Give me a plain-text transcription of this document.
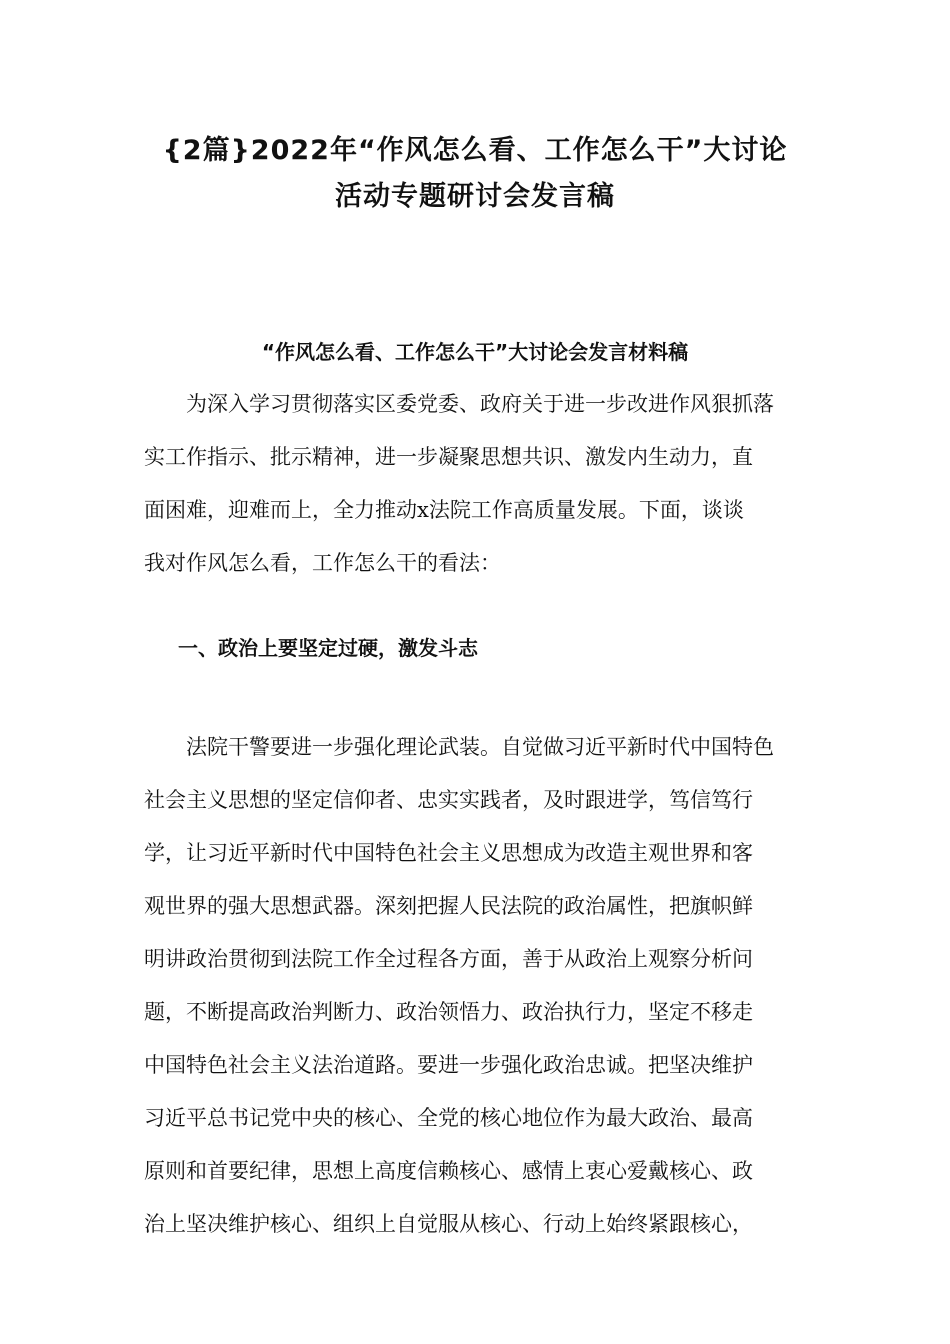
{2篇}2022年“作风怎么看、工作怎么干”大讨论
活动专题研讨会发言稿
“作风怎么看、工作怎么干”大讨论会发言材料稿

　　为深入学习贯彻落实区委党委、政府关于进一步改进作风狠抓落
实工作指示、批示精神，进一步凝聚思想共识、激发内生动力，直
面困难，迎难而上，全力推动x法院工作高质量发展。下面，谈谈
我对作风怎么看，工作怎么干的看法：

一、政治上要坚定过硬，激发斗志

　　法院干警要进一步强化理论武装。自觉做习近平新时代中国特色
社会主义思想的坚定信仰者、忠实实践者，及时跟进学，笃信笃行
学，让习近平新时代中国特色社会主义思想成为改造主观世界和客
观世界的强大思想武器。深刻把握人民法院的政治属性，把旗帜鲜
明讲政治贯彻到法院工作全过程各方面，善于从政治上观察分析问
题，不断提高政治判断力、政治领悟力、政治执行力，坚定不移走
中国特色社会主义法治道路。要进一步强化政治忠诚。把坚决维护
习近平总书记党中央的核心、全党的核心地位作为最大政治、最高
原则和首要纪律，思想上高度信赖核心、感情上衷心爱戴核心、政
治上坚决维护核心、组织上自觉服从核心、行动上始终紧跟核心，
